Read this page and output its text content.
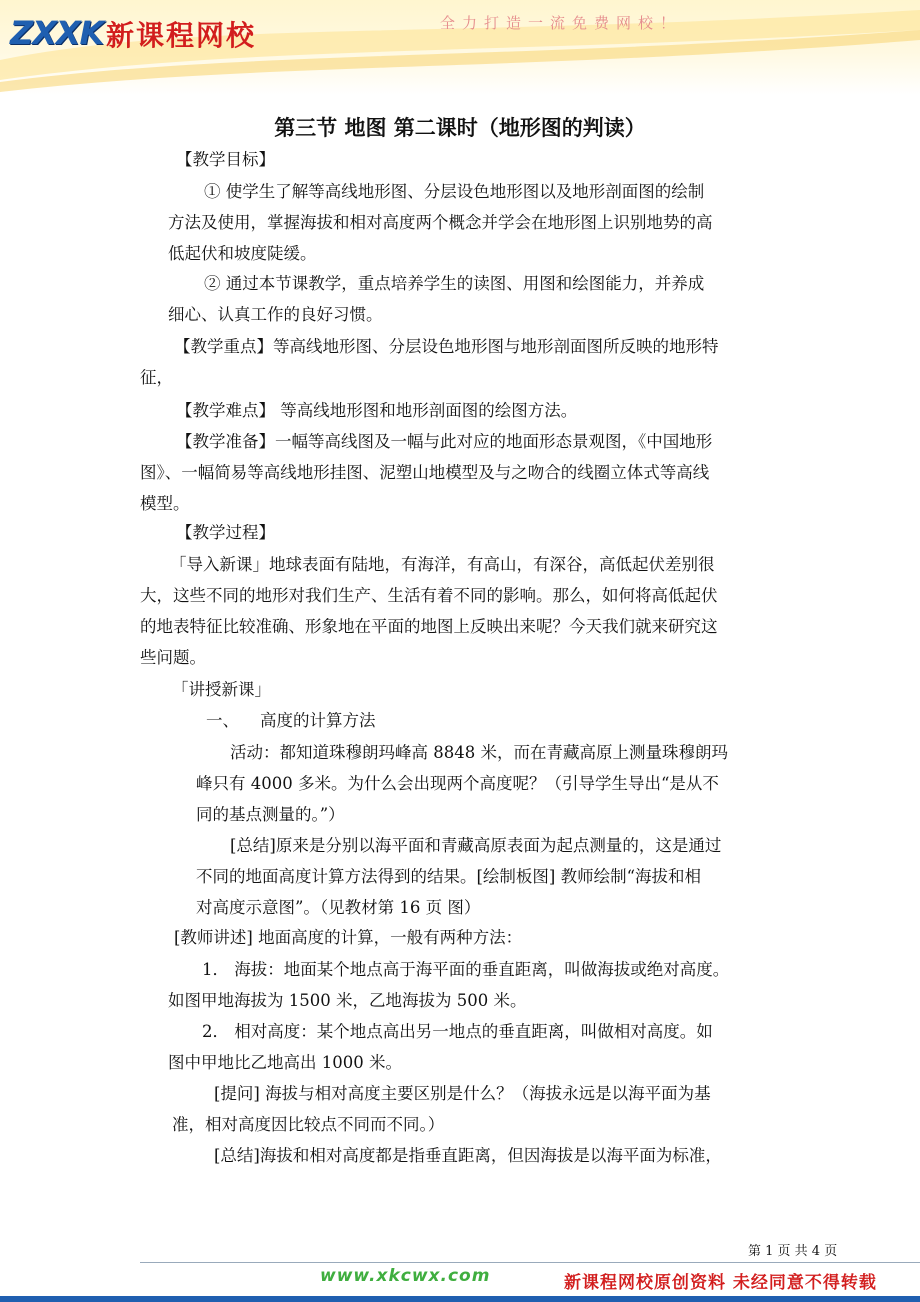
ZXXK 新课程网校	全力打造一流免费网校！
第三节 地图 第二课时（地形图的判读）
【教学目标】
① 使学生了解等高线地形图、分层设色地形图以及地形剖面图的绘制
方法及使用，掌握海拔和相对高度两个概念并学会在地形图上识别地势的高
低起伏和坡度陡缓。
② 通过本节课教学，重点培养学生的读图、用图和绘图能力，并养成
细心、认真工作的良好习惯。
【教学重点】等高线地形图、分层设色地形图与地形剖面图所反映的地形特
征，
【教学难点】 等高线地形图和地形剖面图的绘图方法。
【教学准备】一幅等高线图及一幅与此对应的地面形态景观图，《中国地形
图》、一幅简易等高线地形挂图、泥塑山地模型及与之吻合的线圈立体式等高线
模型。
【教学过程】
「导入新课」地球表面有陆地，有海洋，有高山，有深谷，高低起伏差别很
大，这些不同的地形对我们生产、生活有着不同的影响。那么，如何将高低起伏
的地表特征比较准确、形象地在平面的地图上反映出来呢？今天我们就来研究这
些问题。
「讲授新课」
一、    高度的计算方法
活动：都知道珠穆朗玛峰高 8848 米，而在青藏高原上测量珠穆朗玛
峰只有 4000 多米。为什么会出现两个高度呢？（引导学生导出“是从不
同的基点测量的。”）
[总结]原来是分别以海平面和青藏高原表面为起点测量的，这是通过
不同的地面高度计算方法得到的结果。[绘制板图] 教师绘制“海拔和相
对高度示意图”。（见教材第 16 页 图）
[教师讲述] 地面高度的计算，一般有两种方法：
1． 海拔：地面某个地点高于海平面的垂直距离，叫做海拔或绝对高度。
如图甲地海拔为 1500 米，乙地海拔为 500 米。
2． 相对高度：某个地点高出另一地点的垂直距离，叫做相对高度。如
图中甲地比乙地高出 1000 米。
[提问] 海拔与相对高度主要区别是什么？（海拔永远是以海平面为基
准，相对高度因比较点不同而不同。）
[总结]海拔和相对高度都是指垂直距离，但因海拔是以海平面为标准，
第 1 页 共 4 页
www.xkcwx.com	新课程网校原创资料 未经同意不得转载
